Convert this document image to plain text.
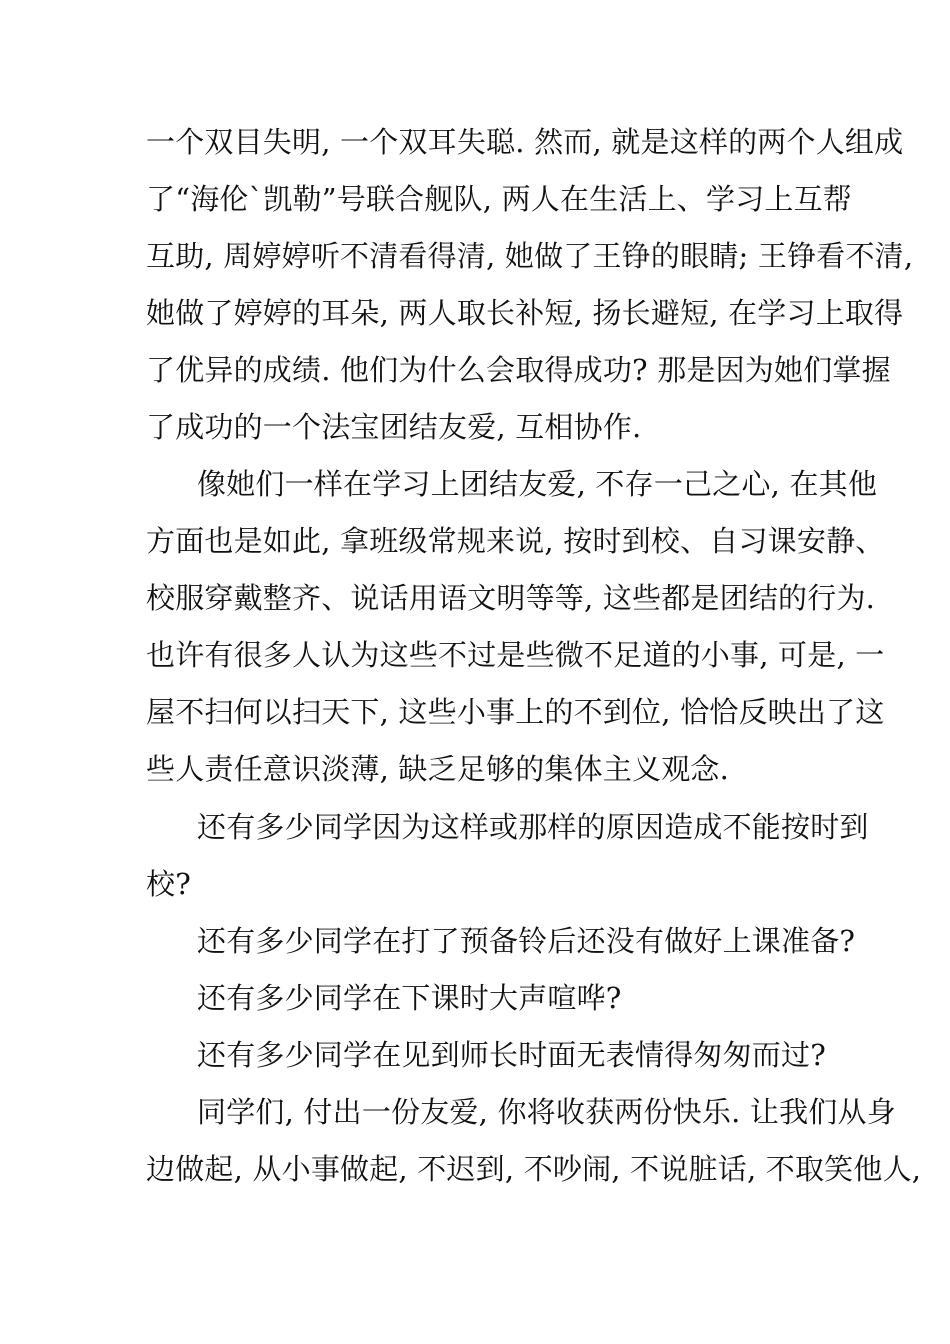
一个双目失明, 一个双耳失聪. 然而, 就是这样的两个人组成
了“海伦`凯勒”号联合舰队, 两人在生活上、学习上互帮
互助, 周婷婷听不清看得清, 她做了王铮的眼睛; 王铮看不清,
她做了婷婷的耳朵, 两人取长补短, 扬长避短, 在学习上取得
了优异的成绩. 他们为什么会取得成功? 那是因为她们掌握
了成功的一个法宝团结友爱, 互相协作.
像她们一样在学习上团结友爱, 不存一己之心, 在其他
方面也是如此, 拿班级常规来说, 按时到校、自习课安静、
校服穿戴整齐、说话用语文明等等, 这些都是团结的行为.
也许有很多人认为这些不过是些微不足道的小事, 可是, 一
屋不扫何以扫天下, 这些小事上的不到位, 恰恰反映出了这
些人责任意识淡薄, 缺乏足够的集体主义观念.
还有多少同学因为这样或那样的原因造成不能按时到
校?
还有多少同学在打了预备铃后还没有做好上课准备?
还有多少同学在下课时大声喧哗?
还有多少同学在见到师长时面无表情得匆匆而过?
同学们, 付出一份友爱, 你将收获两份快乐. 让我们从身
边做起, 从小事做起, 不迟到, 不吵闹, 不说脏话, 不取笑他人,
